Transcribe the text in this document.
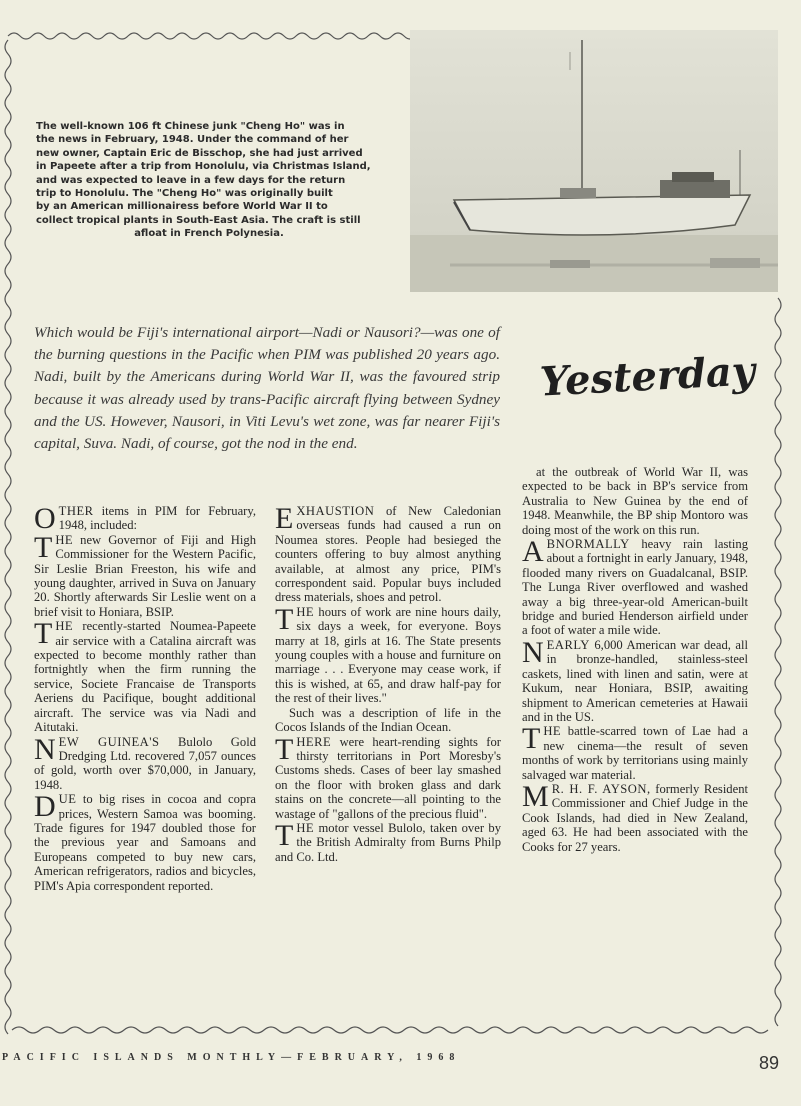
The well-known 106 ft Chinese junk "Cheng Ho" was in
the news in February, 1948. Under the command of her
new owner, Captain Eric de Bisschop, she had just arrived
in Papeete after a trip from Honolulu, via Christmas Island,
and was expected to leave in a few days for the return
trip to Honolulu. The "Cheng Ho" was originally built
by an American millionairess before World War II to
collect tropical plants in South-East Asia. The craft is still

afloat in French Polynesia.
Which would be Fiji's international airport—Nadi or Nausori?—was one of the burning questions in the Pacific when PIM was published 20 years ago. Nadi, built by the Americans during World War II, was the favoured strip because it was already used by trans-Pacific aircraft flying between Sydney and the US. However, Nausori, in Viti Levu's wet zone, was far nearer Fiji's capital, Suva. Nadi, of course, got the nod in the end.
Yesterday

OTHER items in PIM for February, 1948, included:

THE new Governor of Fiji and High Commissioner for the Western Pacific, Sir Leslie Brian Freeston, his wife and young daughter, arrived in Suva on January 20. Shortly afterwards Sir Leslie went on a brief visit to Honiara, BSIP.

THE recently-started Noumea-Papeete air service with a Catalina aircraft was expected to become monthly rather than fortnightly when the firm running the service, Societe Francaise de Transports Aeriens du Pacifique, bought additional aircraft. The service was via Nadi and Aitutaki.

NEW GUINEA'S Bulolo Gold Dredging Ltd. recovered 7,057 ounces of gold, worth over $70,000, in January, 1948.

DUE to big rises in cocoa and copra prices, Western Samoa was booming. Trade figures for 1947 doubled those for the previous year and Samoans and Europeans competed to buy new cars, American refrigerators, radios and bicycles, PIM's Apia correspondent reported.

EXHAUSTION of New Caledonian overseas funds had caused a run on Noumea stores. People had besieged the counters offering to buy almost anything available, at almost any price, PIM's correspondent said. Popular buys included dress materials, shoes and petrol.

THE hours of work are nine hours daily, six days a week, for everyone. Boys marry at 18, girls at 16. The State presents young couples with a house and furniture on marriage . . . Everyone may cease work, if this is wished, at 65, and draw half-pay for the rest of their lives."

Such was a description of life in the Cocos Islands of the Indian Ocean.

THERE were heart-rending sights for thirsty territorians in Port Moresby's Customs sheds. Cases of beer lay smashed on the floor with broken glass and dark stains on the concrete—all pointing to the wastage of "gallons of the precious fluid".

THE motor vessel Bulolo, taken over by the British Admiralty from Burns Philp and Co. Ltd.

at the outbreak of World War II, was expected to be back in BP's service from Australia to New Guinea by the end of 1948. Meanwhile, the BP ship Montoro was doing most of the work on this run.

ABNORMALLY heavy rain lasting about a fortnight in early January, 1948, flooded many rivers on Guadalcanal, BSIP. The Lunga River overflowed and washed away a big three-year-old American-built bridge and buried Henderson airfield under a foot of water a mile wide.

NEARLY 6,000 American war dead, all in bronze-handled, stainless-steel caskets, lined with linen and satin, were at Kukum, near Honiara, BSIP, awaiting shipment to American cemeteries at Hawaii and in the US.

THE battle-scarred town of Lae had a new cinema—the result of seven months of work by territorians using mainly salvaged war material.

M R. H. F. AYSON, formerly Resident Commissioner and Chief Judge in the Cook Islands, had died in New Zealand, aged 63. He had been associated with the Cooks for 27 years.

PACIFIC ISLANDS MONTHLY—FEBRUARY, 1968	89
